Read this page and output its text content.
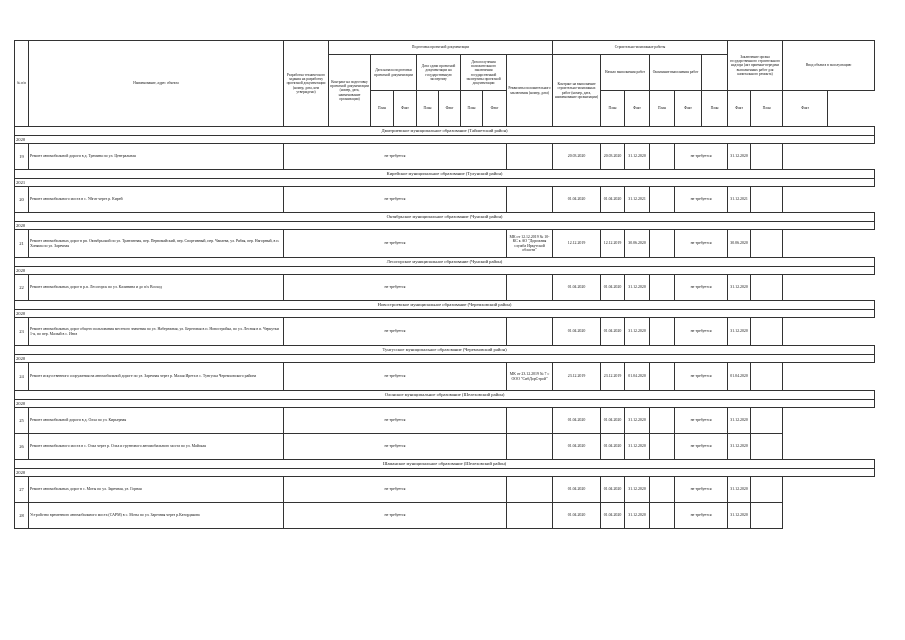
№ п/п	Наименование, адрес объекта	Разработка технического задания на разработку проектной документации (номер, дата, кем утверждено)	Подготовка проектной документации								Строительно-монтажные работы						Заключение органа государственного строительного надзора (акт приемки-передачи выполненных работ для капитального ремонта)		Ввод объекта в эксплуатацию
			Контракт на подготовку проектной документации (номер, дата, наименование организации)	Дата начала подготовки проектной документации		Дата сдачи проектной документации на государственную экспертизу		Дата получения положительного заключения государственной экспертизы проектной документации		Реквизиты положительного заключения (номер, дата)	Контракт на выполнение строительно-монтажных работ (номер, дата, наименование организации)	Начало выполнения работ		Окончание выполнения работ					
				План	Факт	План	Факт	План	Факт			План	Факт	План	Факт	План	Факт	План	Факт
Дмитриевское муниципальное образование (Тайшетский район)																			
2020																			
19	Ремонт автомобильной дороги в д. Тремина по ул. Центральная	не требуется									20.03.2020	20.03.2020	31.12.2020		не требуется		31.12.2020		
Кирейское муниципальное образование (Тулунский район)																			
2021																			
20	Ремонт автомобильного моста в с. Уйгат через р. Кирей	не требуется									01.04.2020	01.04.2020	31.12.2021		не требуется		31.12.2021		
Октябрьское муниципальное образование (Чунский район)																			
2020																			
21	Ремонт автомобильных дорог в рп. Октябрьский по ул. Транзитная, пер. Первомайский, пер. Спортивный, пер. Чапаева, ул. Рябая, пер. Нагорный, в п. Хоняма по ул. Заречная	не требуется								МК от 12.12.2019 № 10-КС к АО "Дорожная служба Иркутской области"	12.12.2019	12.12.2019	30.06.2020		не требуется		30.06.2020		
Лесогорское муниципальное образование (Чунский район)																			
2020																			
22	Ремонт автомобильных дорог в р.п. Лесогорск по ул. Калинина и до п/х Восход	не требуется									01.04.2020	01.04.2020	31.12.2020		не требуется		31.12.2020		
Новостроевское муниципальное образование (Черемховский район)																			
2020																			
23	Ремонт автомобильных дорог общего пользования местного значения по ул. Набережная, ул. Береговая в п. Новостройка, по ул. Лесная в п. Черкутки 1-я, по пер. Малый в с. Инга	не требуется									01.04.2020	01.04.2020	31.12.2020		не требуется		31.12.2020		
Тунгусское муниципальное образование (Черемховский район)																			
2020																			
24	Ремонт искусственного сооружения на автомобильной дороге по ул. Заречная через р. Малая Ирета в с. Тунгуска Черемховского района	не требуется								МК от 23.12.2019 № 7 с ООО "СибДорСтрой"	23.12.2019	23.12.2019	01.04.2020		не требуется		01.04.2020		
Олонское муниципальное образование (Шелеховский район)																			
2020																			
25	Ремонт автомобильной дороги в д. Олха по ул. Кирьерная	не требуется									01.04.2020	01.04.2020	31.12.2020		не требуется		31.12.2020		
26	Ремонт автомобильного моста в с. Олха через р. Олха и грунтового автомобильного моста по ул. Майская	не требуется									01.04.2020	01.04.2020	31.12.2020		не требуется		31.12.2020		
Шаманское муниципальное образование (Шелеховский район)																			
2020																			
27	Ремонт автомобильных дорог в с. Моты по ул. Заречная, ул. Горная	не требуется									01.04.2020	01.04.2020	31.12.2020		не требуется		31.12.2020		
28	Устройство временного автомобильного моста (САРМ) в с. Моты по ул. Заречная через р.Катордакова	не требуется									01.04.2020	01.04.2020	31.12.2020		не требуется		31.12.2020		
